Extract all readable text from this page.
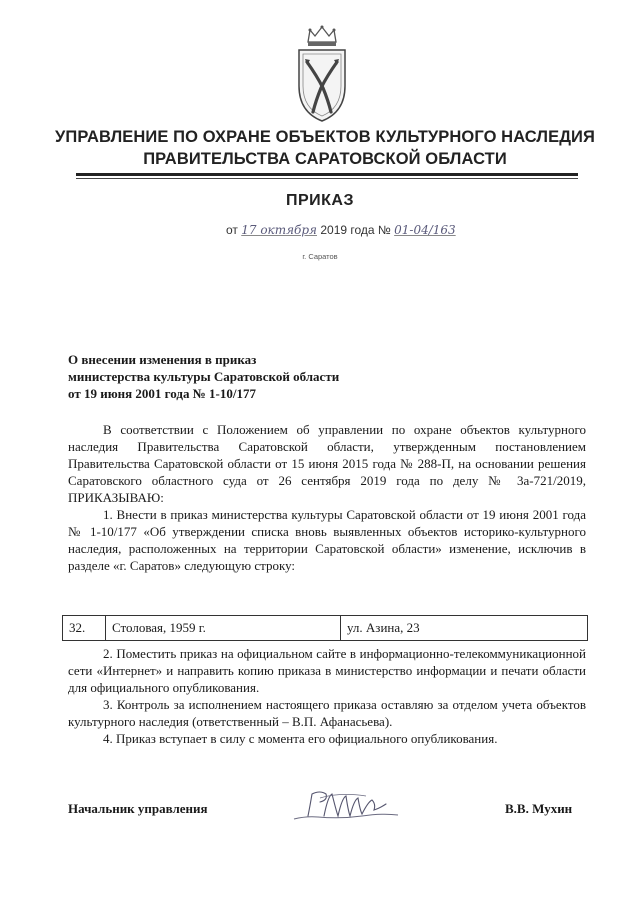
УПРАВЛЕНИЕ ПО ОХРАНЕ ОБЪЕКТОВ КУЛЬТУРНОГО НАСЛЕДИЯ
ПРАВИТЕЛЬСТВА САРАТОВСКОЙ ОБЛАСТИ
ПРИКАЗ
от 17 октября 2019 года № 01-04/163
г. Саратов
О внесении изменения в приказ
министерства культуры Саратовской области
от 19 июня 2001 года № 1-10/177

В соответствии с Положением об управлении по охране объектов культурного наследия Правительства Саратовской области, утвержденным постановлением Правительства Саратовской области от 15 июня 2015 года № 288-П, на основании решения Саратовского областного суда от 26 сентября 2019 года по делу № 3а-721/2019, ПРИКАЗЫВАЮ:

1. Внести в приказ министерства культуры Саратовской области от 19 июня 2001 года № 1-10/177 «Об утверждении списка вновь выявленных объектов историко-культурного наследия, расположенных на территории Саратовской области» изменение, исключив в разделе «г. Саратов» следующую строку:

32.	Столовая, 1959 г.	ул. Азина, 23

2. Поместить приказ на официальном сайте в информационно-телекоммуникационной сети «Интернет» и направить копию приказа в министерство информации и печати области для официального опубликования.

3. Контроль за исполнением настоящего приказа оставляю за отделом учета объектов культурного наследия (ответственный – В.П. Афанасьева).

4. Приказ вступает в силу с момента его официального опубликования.

Начальник управления	В.В. Мухин
